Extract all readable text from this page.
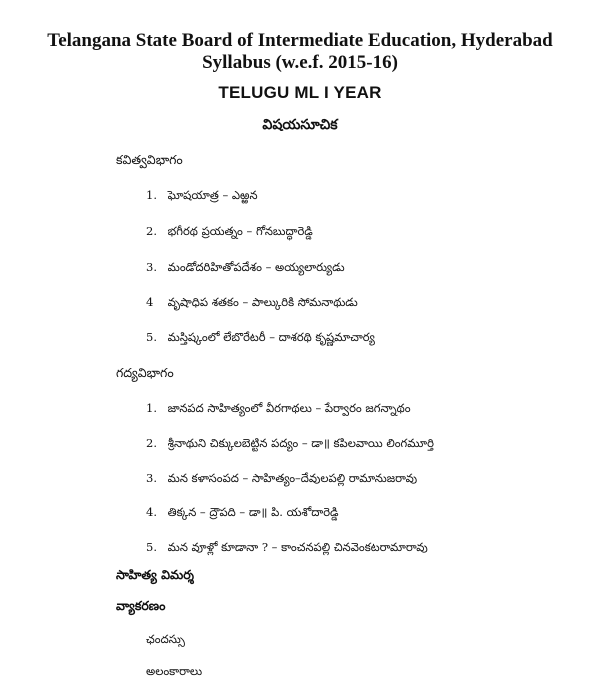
Telangana State Board of Intermediate Education, Hyderabad
Syllabus (w.e.f. 2015-16)
TELUGU ML I YEAR
విషయసూచిక
కవిత్వవిభాగం
1. ఘోషయాత్ర – ఎఱ్ఱన
2. భగీరథ ప్రయత్నం – గోనబుద్ధారెడ్డి
3. మండోదరిహితోపదేశం – అయ్యలార్యుడు
4 వృషాధిప శతకం – పాల్కురికి సోమనాథుడు
5. మస్తిష్కంలో లేబొరేటరీ – దాశరథి కృష్ణమాచార్య
గద్యవిభాగం
1. జానపద సాహిత్యంలో వీరగాథలు – పేర్వారం జగన్నాథం
2. శ్రీనాథుని చిక్కులబెట్టిన పద్యం – డా॥ కపిలవాయి లింగమూర్తి
3. మన కళాసంపద – సాహిత్యం–దేవులపల్లి రామానుజరావు
4. తిక్కన – ద్రౌపది – డా॥ పి. యశోదారెడ్డి
5. మన వూళ్లో కూడానా ? – కాంచనపల్లి చినవెంకటరామారావు
సాహిత్య విమర్శ
వ్యాకరణం
ఛందస్సు
అలంకారాలు
